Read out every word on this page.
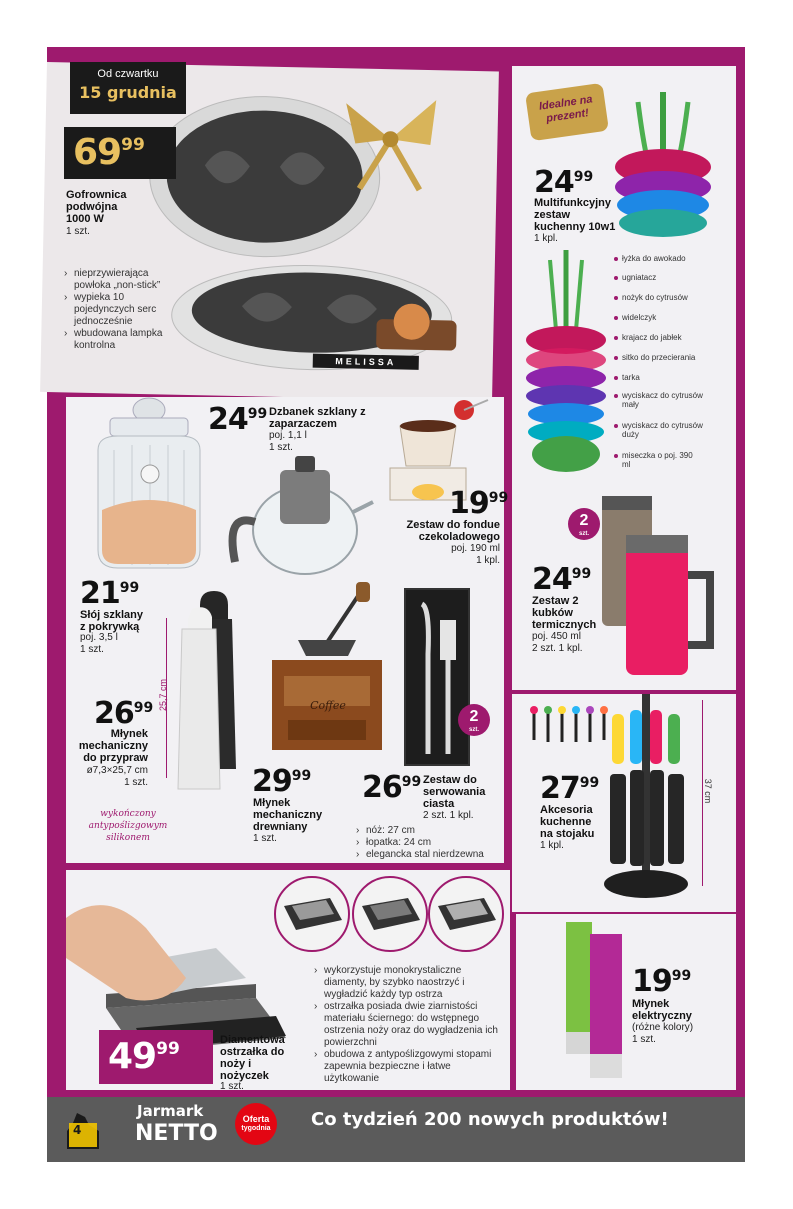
MELISSA
Od czwartku
15 grudnia
6999
Gofrownica podwójna 1000 W
1 szt.
› nieprzywierająca powłoka „non-stick”
› wypieka 10 pojedynczych serc jednocześnie
› wbudowana lampka kontrolna
Idealne na prezent!
2499
Multifunkcyjny zestaw kuchenny 10w1
1 kpl.
łyżka do awokado
ugniatacz
nożyk do cytrusów
widelczyk
krajacz do jabłek
sitko do przecierania
tarka
wyciskacz do cytrusów mały
wyciskacz do cytrusów duży
miseczka o poj. 390 ml
2
szt.
2499
Zestaw 2 kubków termicznych
poj. 450 ml
2 szt. 1 kpl.
2199
Słój szklany z pokrywką
poj. 3,5 l
1 szt.
2499 Dzbanek szklany z zaparzaczem
poj. 1,1 l
1 szt.
1999
Zestaw do fondue czekoladowego
poj. 190 ml
1 kpl.
25,7 cm
2699
Młynek mechaniczny do przypraw
ø7,3×25,7 cm
1 szt.
wykończony antypoślizgowym silikonem
Coffee
2999
Młynek mechaniczny drewniany
1 szt.
2
szt.
2699 Zestaw do serwowania ciasta
2 szt. 1 kpl.
› nóż: 27 cm
› łopatka: 24 cm
› elegancka stal nierdzewna
37 cm
2799
Akcesoria kuchenne na stojaku
1 kpl.
› wykorzystuje monokrystaliczne diamenty, by szybko naostrzyć i wygładzić każdy typ ostrza
› ostrzałka posiada dwie ziarnistości materiału ściernego: do wstępnego ostrzenia noży oraz do wygładzenia ich powierzchni
› obudowa z antypoślizgowymi stopami zapewnia bezpieczne i łatwe użytkowanie
4999	Diamentowa ostrzałka do noży i nożyczek
1 szt.
1999
Młynek elektryczny
(różne kolory)
1 szt.
4
Jarmark
NETTO
Oferta
tygodnia	Co tydzień 200 nowych produktów!
